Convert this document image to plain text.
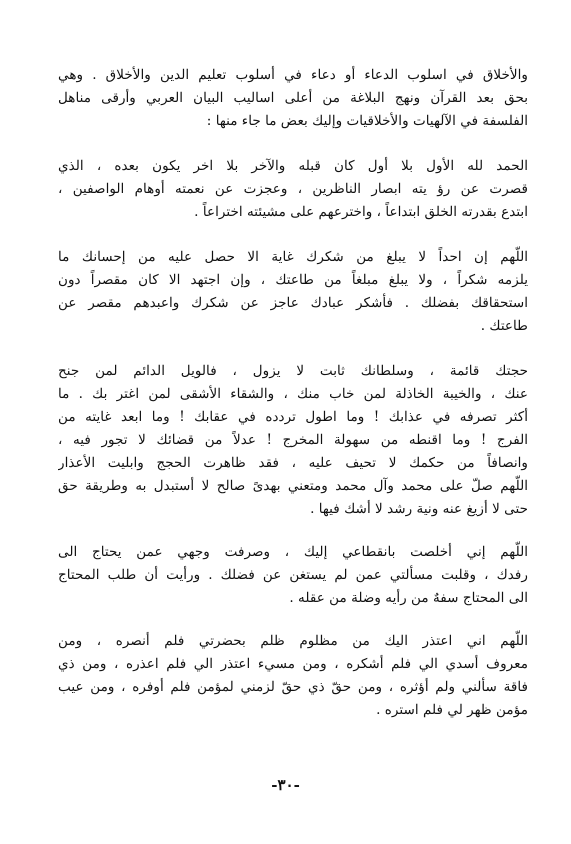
والأخلاق في اسلوب الدعاء أو دعاء في أسلوب تعليم الدين والأخلاق . وهي
بحق بعد القرآن ونهج البلاغة من أعلى اساليب البيان العربي وأرقى مناهل
الفلسفة في الآلهيات والأخلاقيات وإليك بعض ما جاء منها :

الحمد لله الأول بلا أول كان قبله والآخر بلا اخر يكون بعده ، الذي
قصرت عن رؤ يته ابصار الناظرين ، وعجزت عن نعمته أوهام الواصفين ،
ابتدع بقدرته الخلق ابتداعاً ، واخترعهم على مشيئته اختراعاً .

اللّهم إن احداً لا يبلغ من شكرك غاية الا حصل عليه من إحسانك ما
يلزمه شكراً ، ولا يبلغ مبلغاً من طاعتك ، وإن اجتهد الا كان مقصراً دون
استحقاقك بفضلك . فأشكر عبادك عاجز عن شكرك واعبدهم مقصر عن
طاعتك .

حجتك قائمة ، وسلطانك ثابت لا يزول ، فالويل الدائم لمن جنح
عنك ، والخيبة الخاذلة لمن خاب منك ، والشقاء الأشقى لمن اغتر بك . ما
أكثر تصرفه في عذابك ! وما اطول تردده في عقابك ! وما ابعد غايته من
الفرج ! وما اقنطه من سهولة المخرج ! عدلاً من قضائك لا تجور فيه ،
وانصافاً من حكمك لا تحيف عليه ، فقد ظاهرت الحجج وابليت الأعذار
اللّهم صلّ على محمد وآل محمد ومتعني بهدىً صالح لا أستبدل به وطريقة حق
حتى لا أزيغ عنه ونية رشد لا أشك فيها .

اللّهم إني أخلصت بانقطاعي إليك ، وصرفت وجهي عمن يحتاج الى
رفدك ، وقلبت مسألتي عمن لم يستغن عن فضلك . ورأيت أن طلب المحتاج
الى المحتاج سفهٌ من رأيه وضلة من عقله .

اللّهم اني اعتذر اليك من مظلوم ظلم بحضرتي فلم أنصره ، ومن
معروف أسدي الي فلم أشكره ، ومن مسيء اعتذر الي فلم اعذره ، ومن ذي
فاقة سألني ولم أؤثره ، ومن حقّ ذي حقّ لزمني لمؤمن فلم أوفره ، ومن عيب
مؤمن ظهر لي فلم استره .

-٣٠-
